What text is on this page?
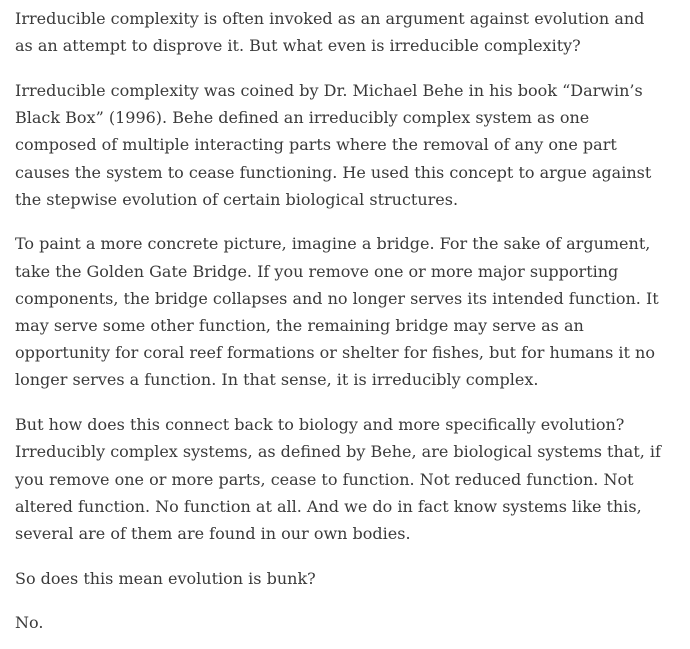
Irreducible complexity is often invoked as an argument against evolution and as an attempt to disprove it. But what even is irreducible complexity?

Irreducible complexity was coined by Dr. Michael Behe in his book “Darwin’s Black Box” (1996). Behe defined an irreducibly complex system as one composed of multiple interacting parts where the removal of any one part causes the system to cease functioning. He used this concept to argue against the stepwise evolution of certain biological structures.

To paint a more concrete picture, imagine a bridge. For the sake of argument, take the Golden Gate Bridge. If you remove one or more major supporting components, the bridge collapses and no longer serves its intended function. It may serve some other function, the remaining bridge may serve as an opportunity for coral reef formations or shelter for fishes, but for humans it no longer serves a function. In that sense, it is irreducibly complex.

But how does this connect back to biology and more specifically evolution? Irreducibly complex systems, as defined by Behe, are biological systems that, if you remove one or more parts, cease to function. Not reduced function. Not altered function. No function at all. And we do in fact know systems like this, several are of them are found in our own bodies.

So does this mean evolution is bunk?

No.
